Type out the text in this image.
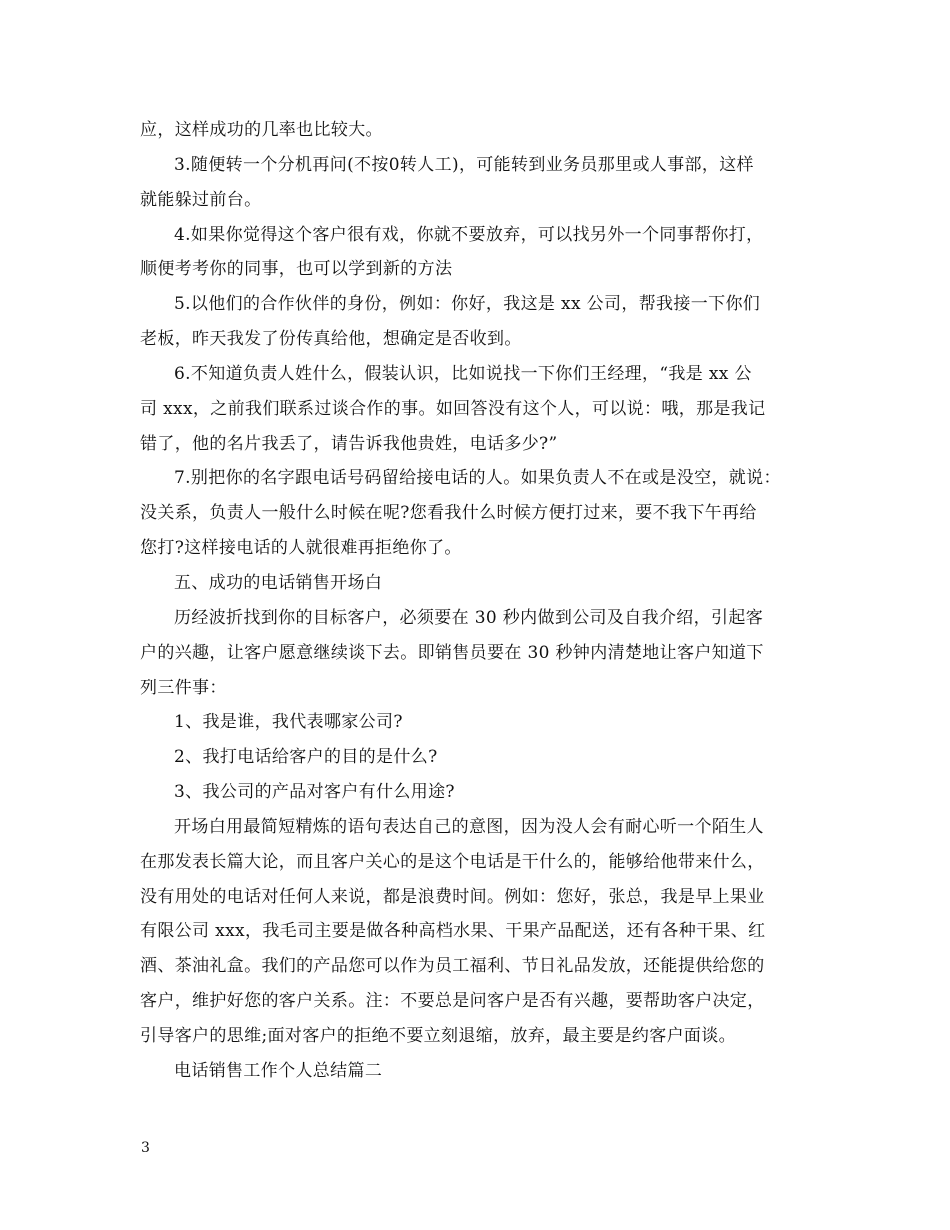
应，这样成功的几率也比较大。
3.随便转一个分机再问(不按0转人工)，可能转到业务员那里或人事部，这样
就能躲过前台。
4.如果你觉得这个客户很有戏，你就不要放弃，可以找另外一个同事帮你打，
顺便考考你的同事，也可以学到新的方法
5.以他们的合作伙伴的身份，例如：你好，我这是 xx 公司，帮我接一下你们
老板，昨天我发了份传真给他，想确定是否收到。
6.不知道负责人姓什么，假装认识，比如说找一下你们王经理，“我是 xx 公
司 xxx，之前我们联系过谈合作的事。如回答没有这个人，可以说：哦，那是我记
错了，他的名片我丢了，请告诉我他贵姓，电话多少?”
7.别把你的名字跟电话号码留给接电话的人。如果负责人不在或是没空，就说：
没关系，负责人一般什么时候在呢?您看我什么时候方便打过来，要不我下午再给
您打?这样接电话的人就很难再拒绝你了。
五、成功的电话销售开场白
历经波折找到你的目标客户，必须要在 30 秒内做到公司及自我介绍，引起客
户的兴趣，让客户愿意继续谈下去。即销售员要在 30 秒钟内清楚地让客户知道下
列三件事：
1、我是谁，我代表哪家公司?
2、我打电话给客户的目的是什么?
3、我公司的产品对客户有什么用途?
开场白用最简短精炼的语句表达自己的意图，因为没人会有耐心听一个陌生人
在那发表长篇大论，而且客户关心的是这个电话是干什么的，能够给他带来什么，
没有用处的电话对任何人来说，都是浪费时间。例如：您好，张总，我是早上果业
有限公司 xxx，我毛司主要是做各种高档水果、干果产品配送，还有各种干果、红
酒、茶油礼盒。我们的产品您可以作为员工福利、节日礼品发放，还能提供给您的
客户，维护好您的客户关系。注：不要总是问客户是否有兴趣，要帮助客户决定，
引导客户的思维;面对客户的拒绝不要立刻退缩，放弃，最主要是约客户面谈。
电话销售工作个人总结篇二
3
